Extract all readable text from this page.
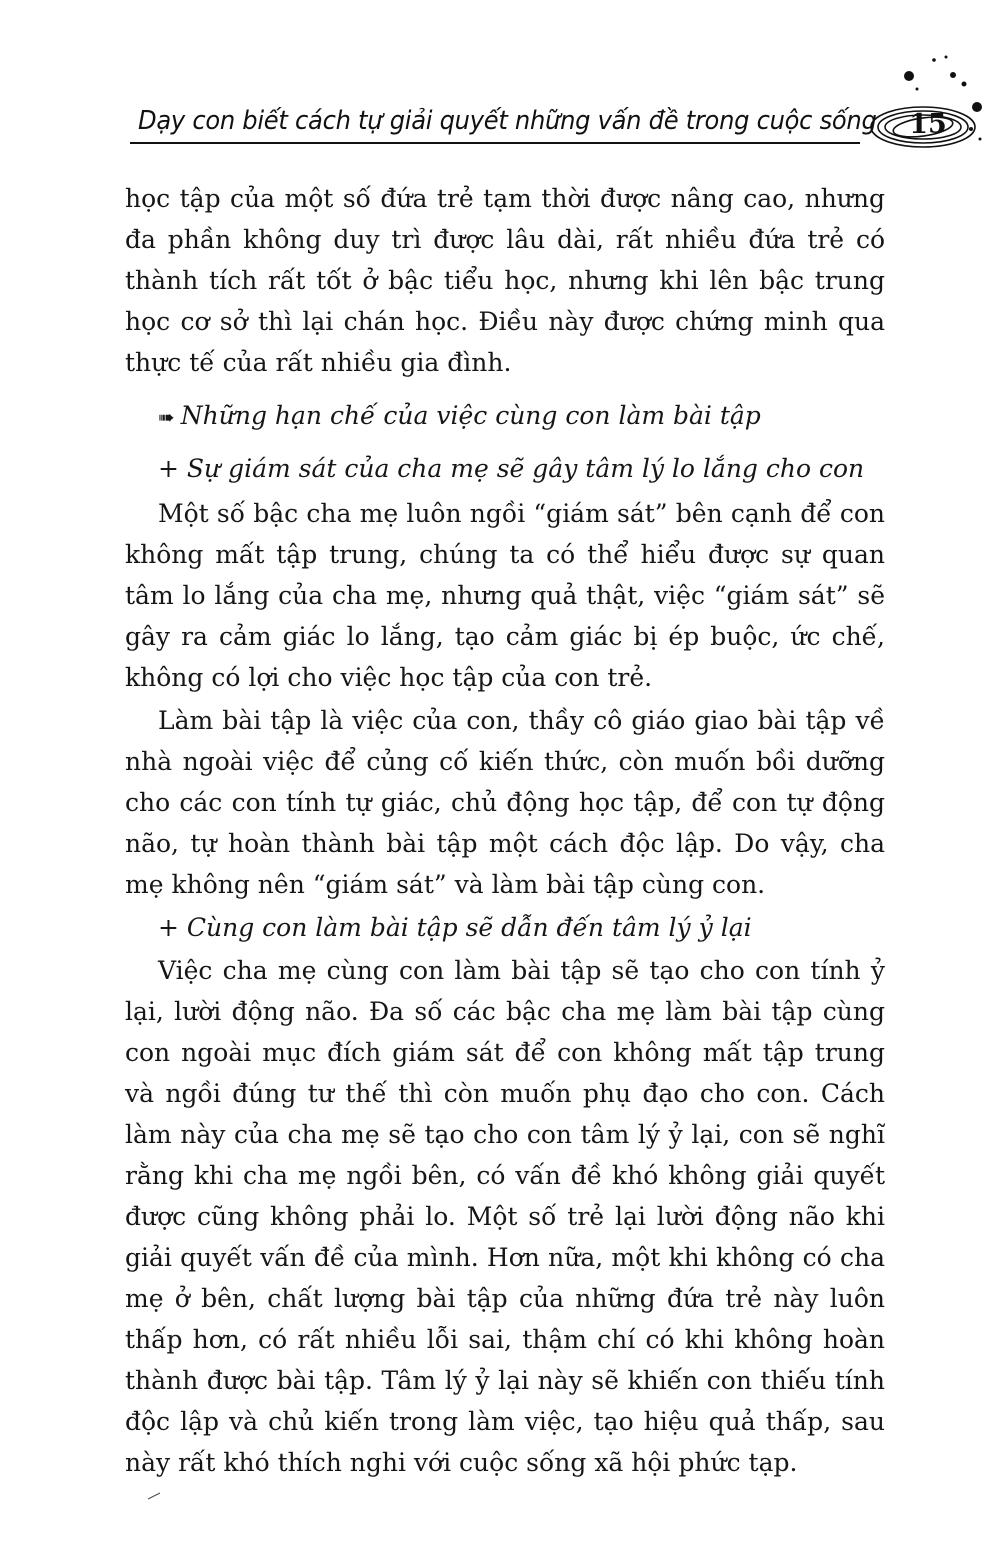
Dạy con biết cách tự giải quyết những vấn đề trong cuộc sống 15

học tập của một số đứa trẻ tạm thời được nâng cao, nhưng đa phần không duy trì được lâu dài, rất nhiều đứa trẻ có thành tích rất tốt ở bậc tiểu học, nhưng khi lên bậc trung học cơ sở thì lại chán học. Điều này được chứng minh qua thực tế của rất nhiều gia đình.

➠ Những hạn chế của việc cùng con làm bài tập

+ Sự giám sát của cha mẹ sẽ gây tâm lý lo lắng cho con

Một số bậc cha mẹ luôn ngồi “giám sát” bên cạnh để con không mất tập trung, chúng ta có thể hiểu được sự quan tâm lo lắng của cha mẹ, nhưng quả thật, việc “giám sát” sẽ gây ra cảm giác lo lắng, tạo cảm giác bị ép buộc, ức chế, không có lợi cho việc học tập của con trẻ.

Làm bài tập là việc của con, thầy cô giáo giao bài tập về nhà ngoài việc để củng cố kiến thức, còn muốn bồi dưỡng cho các con tính tự giác, chủ động học tập, để con tự động não, tự hoàn thành bài tập một cách độc lập. Do vậy, cha mẹ không nên “giám sát” và làm bài tập cùng con.

+ Cùng con làm bài tập sẽ dẫn đến tâm lý ỷ lại

Việc cha mẹ cùng con làm bài tập sẽ tạo cho con tính ỷ lại, lười động não. Đa số các bậc cha mẹ làm bài tập cùng con ngoài mục đích giám sát để con không mất tập trung và ngồi đúng tư thế thì còn muốn phụ đạo cho con. Cách làm này của cha mẹ sẽ tạo cho con tâm lý ỷ lại, con sẽ nghĩ rằng khi cha mẹ ngồi bên, có vấn đề khó không giải quyết được cũng không phải lo. Một số trẻ lại lười động não khi giải quyết vấn đề của mình. Hơn nữa, một khi không có cha mẹ ở bên, chất lượng bài tập của những đứa trẻ này luôn thấp hơn, có rất nhiều lỗi sai, thậm chí có khi không hoàn thành được bài tập. Tâm lý ỷ lại này sẽ khiến con thiếu tính độc lập và chủ kiến trong làm việc, tạo hiệu quả thấp, sau này rất khó thích nghi với cuộc sống xã hội phức tạp.
